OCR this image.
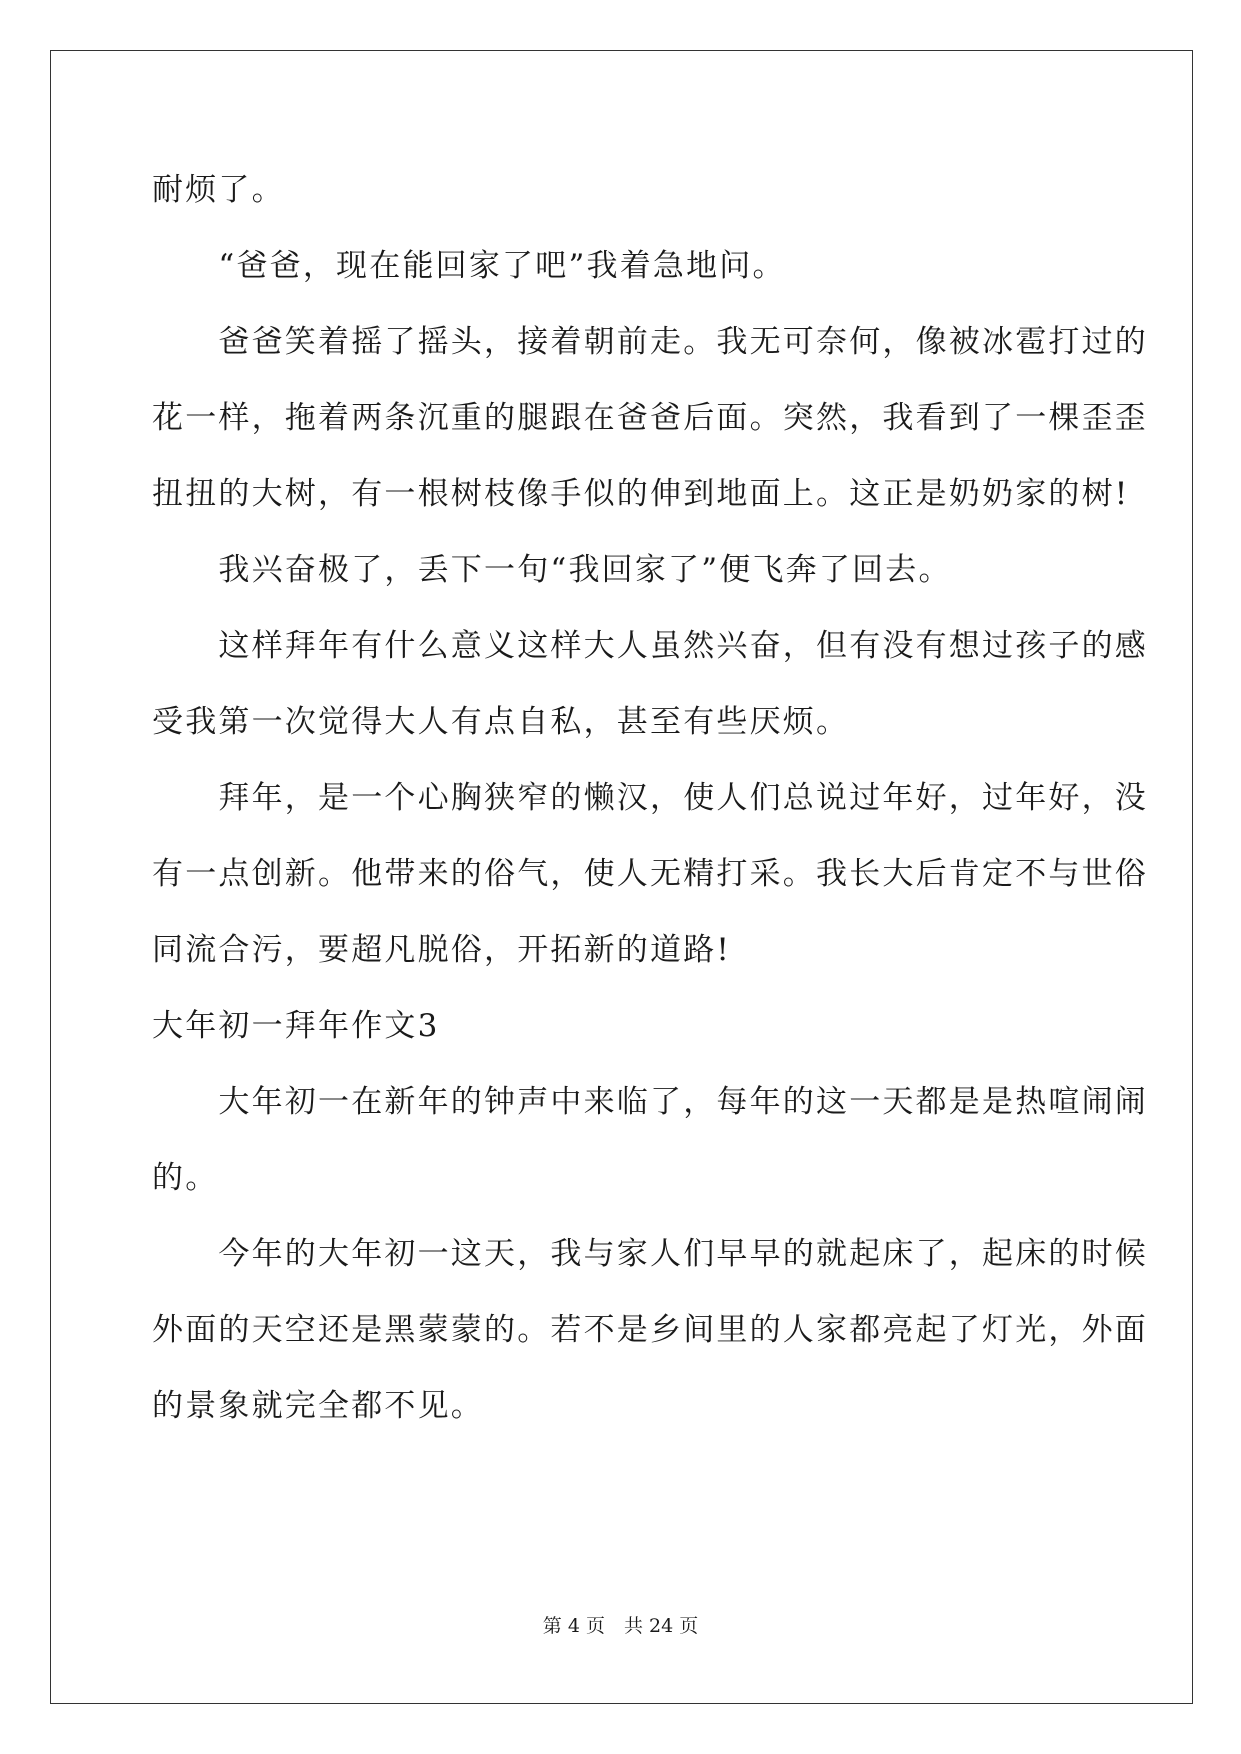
耐烦了。
　　“爸爸，现在能回家了吧”我着急地问。
　　爸爸笑着摇了摇头，接着朝前走。我无可奈何，像被冰雹打过的
花一样，拖着两条沉重的腿跟在爸爸后面。突然，我看到了一棵歪歪
扭扭的大树，有一根树枝像手似的伸到地面上。这正是奶奶家的树!
　　我兴奋极了，丢下一句“我回家了”便飞奔了回去。
　　这样拜年有什么意义这样大人虽然兴奋，但有没有想过孩子的感
受我第一次觉得大人有点自私，甚至有些厌烦。
　　拜年，是一个心胸狭窄的懒汉，使人们总说过年好，过年好，没
有一点创新。他带来的俗气，使人无精打采。我长大后肯定不与世俗
同流合污，要超凡脱俗，开拓新的道路!
大年初一拜年作文3
　　大年初一在新年的钟声中来临了，每年的这一天都是是热喧闹闹
的。
　　今年的大年初一这天，我与家人们早早的就起床了，起床的时候
外面的天空还是黑蒙蒙的。若不是乡间里的人家都亮起了灯光，外面
的景象就完全都不见。
第 4 页　共 24 页
